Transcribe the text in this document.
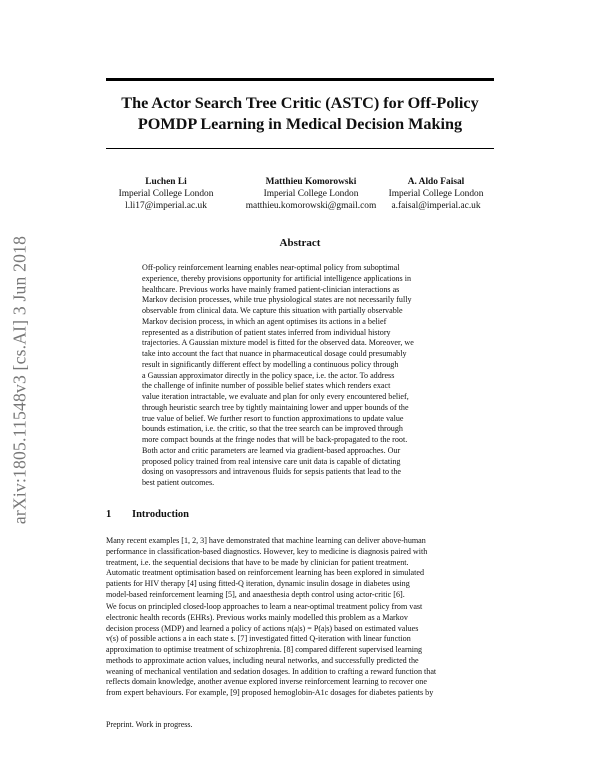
arXiv:1805.11548v3 [cs.AI] 3 Jun 2018
The Actor Search Tree Critic (ASTC) for Off-Policy
POMDP Learning in Medical Decision Making
Luchen Li
Imperial College London
l.li17@imperial.ac.uk
Matthieu Komorowski
Imperial College London
matthieu.komorowski@gmail.com
A. Aldo Faisal
Imperial College London
a.faisal@imperial.ac.uk
Abstract
Off-policy reinforcement learning enables near-optimal policy from suboptimal
experience, thereby provisions opportunity for artificial intelligence applications in
healthcare. Previous works have mainly framed patient-clinician interactions as
Markov decision processes, while true physiological states are not necessarily fully
observable from clinical data. We capture this situation with partially observable
Markov decision process, in which an agent optimises its actions in a belief
represented as a distribution of patient states inferred from individual history
trajectories. A Gaussian mixture model is fitted for the observed data. Moreover, we
take into account the fact that nuance in pharmaceutical dosage could presumably
result in significantly different effect by modelling a continuous policy through
a Gaussian approximator directly in the policy space, i.e. the actor. To address
the challenge of infinite number of possible belief states which renders exact
value iteration intractable, we evaluate and plan for only every encountered belief,
through heuristic search tree by tightly maintaining lower and upper bounds of the
true value of belief. We further resort to function approximations to update value
bounds estimation, i.e. the critic, so that the tree search can be improved through
more compact bounds at the fringe nodes that will be back-propagated to the root.
Both actor and critic parameters are learned via gradient-based approaches. Our
proposed policy trained from real intensive care unit data is capable of dictating
dosing on vasopressors and intravenous fluids for sepsis patients that lead to the
best patient outcomes.
1 Introduction
Many recent examples [1, 2, 3] have demonstrated that machine learning can deliver above-human
performance in classification-based diagnostics. However, key to medicine is diagnosis paired with
treatment, i.e. the sequential decisions that have to be made by clinician for patient treatment.
Automatic treatment optimisation based on reinforcement learning has been explored in simulated
patients for HIV therapy [4] using fitted-Q iteration, dynamic insulin dosage in diabetes using
model-based reinforcement learning [5], and anaesthesia depth control using actor-critic [6].
We focus on principled closed-loop approaches to learn a near-optimal treatment policy from vast
electronic health records (EHRs). Previous works mainly modelled this problem as a Markov
decision process (MDP) and learned a policy of actions π(a|s) = P(a|s) based on estimated values
v(s) of possible actions a in each state s. [7] investigated fitted Q-iteration with linear function
approximation to optimise treatment of schizophrenia. [8] compared different supervised learning
methods to approximate action values, including neural networks, and successfully predicted the
weaning of mechanical ventilation and sedation dosages. In addition to crafting a reward function that
reflects domain knowledge, another avenue explored inverse reinforcement learning to recover one
from expert behaviours. For example, [9] proposed hemoglobin-A1c dosages for diabetes patients by
Preprint. Work in progress.
